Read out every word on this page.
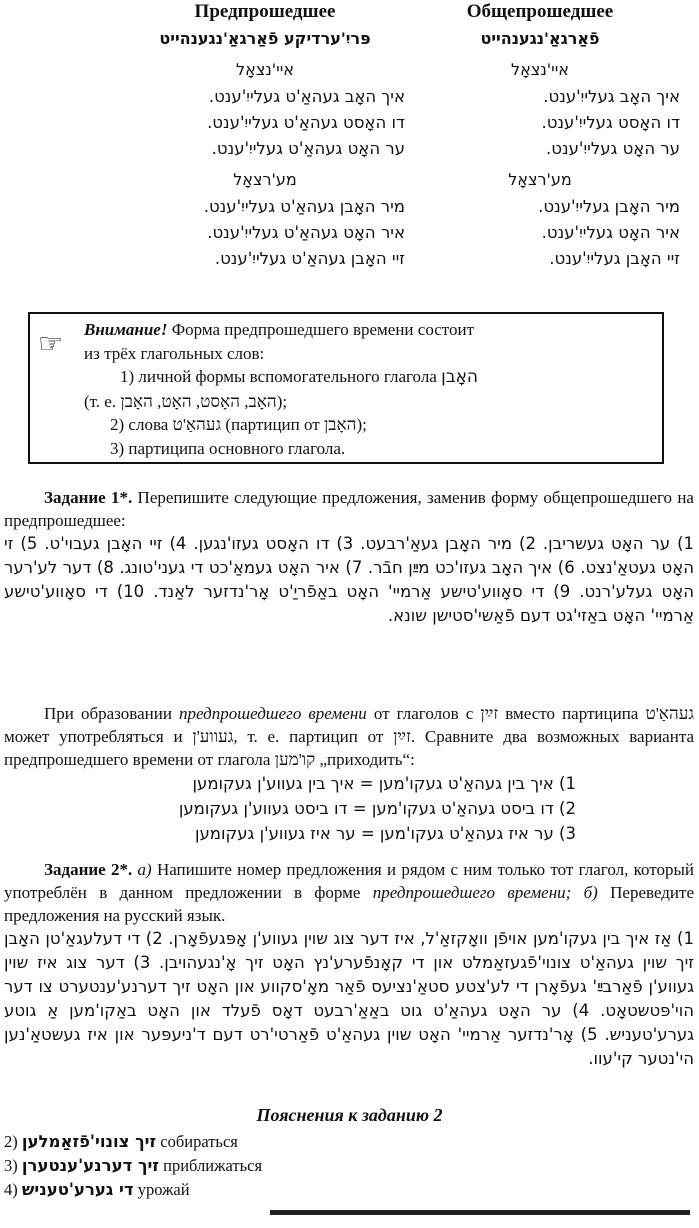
Предпрошедшее
פּריִ'ערדיקע פֿאַרגאַ'נגענהייט
איי'נצאָל
איך האָב געהאַ'ט געלייִ'ענט.
דו האָסט געהאַ'ט געלייִ'ענט.
ער האָט געהאַ'ט געלייִ'ענט.
מע'רצאָל
מיר האָבן געהאַ'ט געלייִ'ענט.
איר האָט געהאַ'ט געלייִ'ענט.
זיי האָבן געהאַ'ט געלייִ'ענט.
Общепрошедшее
פֿאַרגאַ'נגענהייט
איי'נצאָל
איך האָב געלייִ'ענט.
דו האָסט געלייִ'ענט.
ער האָט געלייִ'ענט.
מע'רצאָל
מיר האָבן געלייִ'ענט.
איר האָט געלייִ'ענט.
זיי האָבן געלייִ'ענט.
☞ Внимание! Форма предпрошедшего времени состоит
из трёх глагольных слов:
1) личной формы вспомогательного глагола האָבן
(т. е. האָב, האָסט, האָט, האָבן);
2) слова געהאַ'ט (партицип от האָבן);
3) партиципа основного глагола.
Задание 1*. Перепишите следующие предложения, заменив форму общепрошедшего на предпрошедшее:
1) ער האָט געשריבן. 2) מיר האָבן געאַ'רבעט. 3) דו האָסט געזו'נגען. 4) זיי האָבן געבוי'ט. 5) זי האָט געטאַ'נצט. 6) איך האָב געזו'כט מײַן חבֿר. 7) איר האָט געמאַ'כט די געני'טונג. 8) דער לע'רער האָט געלע'רנט. 9) די סאָווע'טישע אַרמיי' האָט באַפֿריַ'ט אָר'נדזער לאַנד. 10) די סאָווע'טישע אַרמיי' האָט באַזי'גט דעם פֿאַשי'סטישן שונא.
При образовании предпрошедшего времени от глаголов с זײַן вместо партиципа געהאַ'ט может употребляться и געווע'ן, т. е. партицип от זײַן. Сравните два возможных варианта предпрошедшего времени от глагола קו'מען „приходить“:
1) איך בין געהאַ'ט געקו'מען = איך בין געווע'ן געקומען
2) דו ביסט געהאַ'ט געקו'מען = דו ביסט געווע'ן געקומען
3) ער איז געהאַ'ט געקו'מען = ער איז געווע'ן געקומען
Задание 2*. а) Напишите номер предложения и рядом с ним только тот глагол, который употреблён в данном предложении в форме предпрошедшего времени; б) Переведите предложения на русский язык.
1) אַז איך בין געקו'מען אויפֿן וואָקזאַ'ל, איז דער צוג שוין געווע'ן אָפּגעפֿאָרן. 2) די דעלעגאַ'טן האָבן זיך שוין געהאַ'ט צונוי'פֿגעזאַמלט און די קאָנפֿערע'נץ האָט זיך אָ'נגעהויבן. 3) דער צוג איז שוין געווע'ן פֿאַרבײַ' געפֿאָרן די לע'צטע סטאַ'נציעס פֿאַר מאָ'סקווע און האָט זיך דערנע'ענטערט צו דער הוי'פּטשטאָט. 4) ער האָט געהאַ'ט גוט באַאַ'רבעט דאָס פֿעלד און האָט באַקו'מען אַ גוטע גערע'טעניש. 5) אָר'נדזער אַרמיי' האָט שוין געהאַ'ט פֿאַרטי'רט דעם ד'ניעפּער און איז געשטאַ'נען הי'נטער קי'עוו.
Пояснения к заданию 2
2) זיך צונוי'פֿזאַמלען собираться
3) זיך דערנע'ענטערן приближаться
4) די גערע'טעניש урожай
